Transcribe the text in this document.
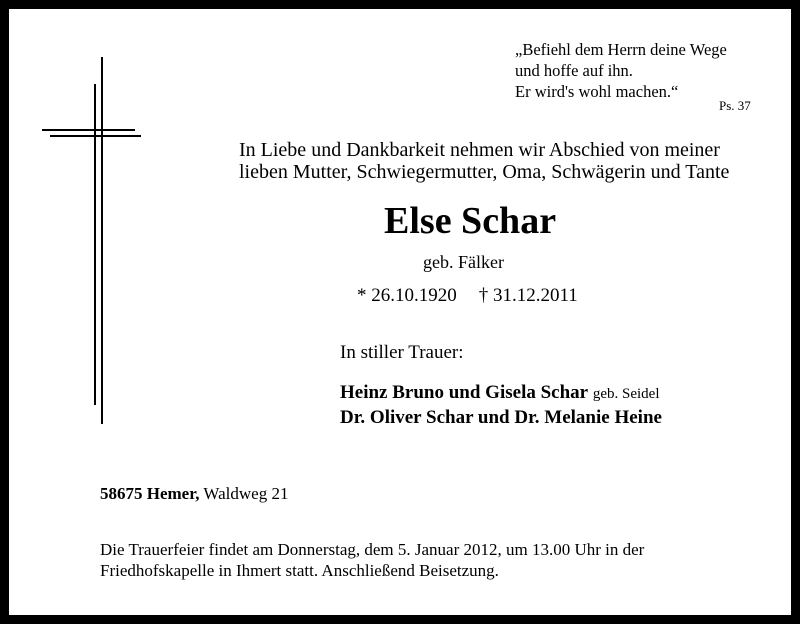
„Befiehl dem Herrn deine Wege
und hoffe auf ihn.
Er wird's wohl machen.“
Ps. 37
In Liebe und Dankbarkeit nehmen wir Abschied von meiner
lieben Mutter, Schwiegermutter, Oma, Schwägerin und Tante
Else Schar
geb. Fälker
* 26.10.1920 † 31.12.2011
In stiller Trauer:
Heinz Bruno und Gisela Schar geb. Seidel
Dr. Oliver Schar und Dr. Melanie Heine
58675 Hemer, Waldweg 21
Die Trauerfeier findet am Donnerstag, dem 5. Januar 2012, um 13.00 Uhr in der
Friedhofskapelle in Ihmert statt. Anschließend Beisetzung.
